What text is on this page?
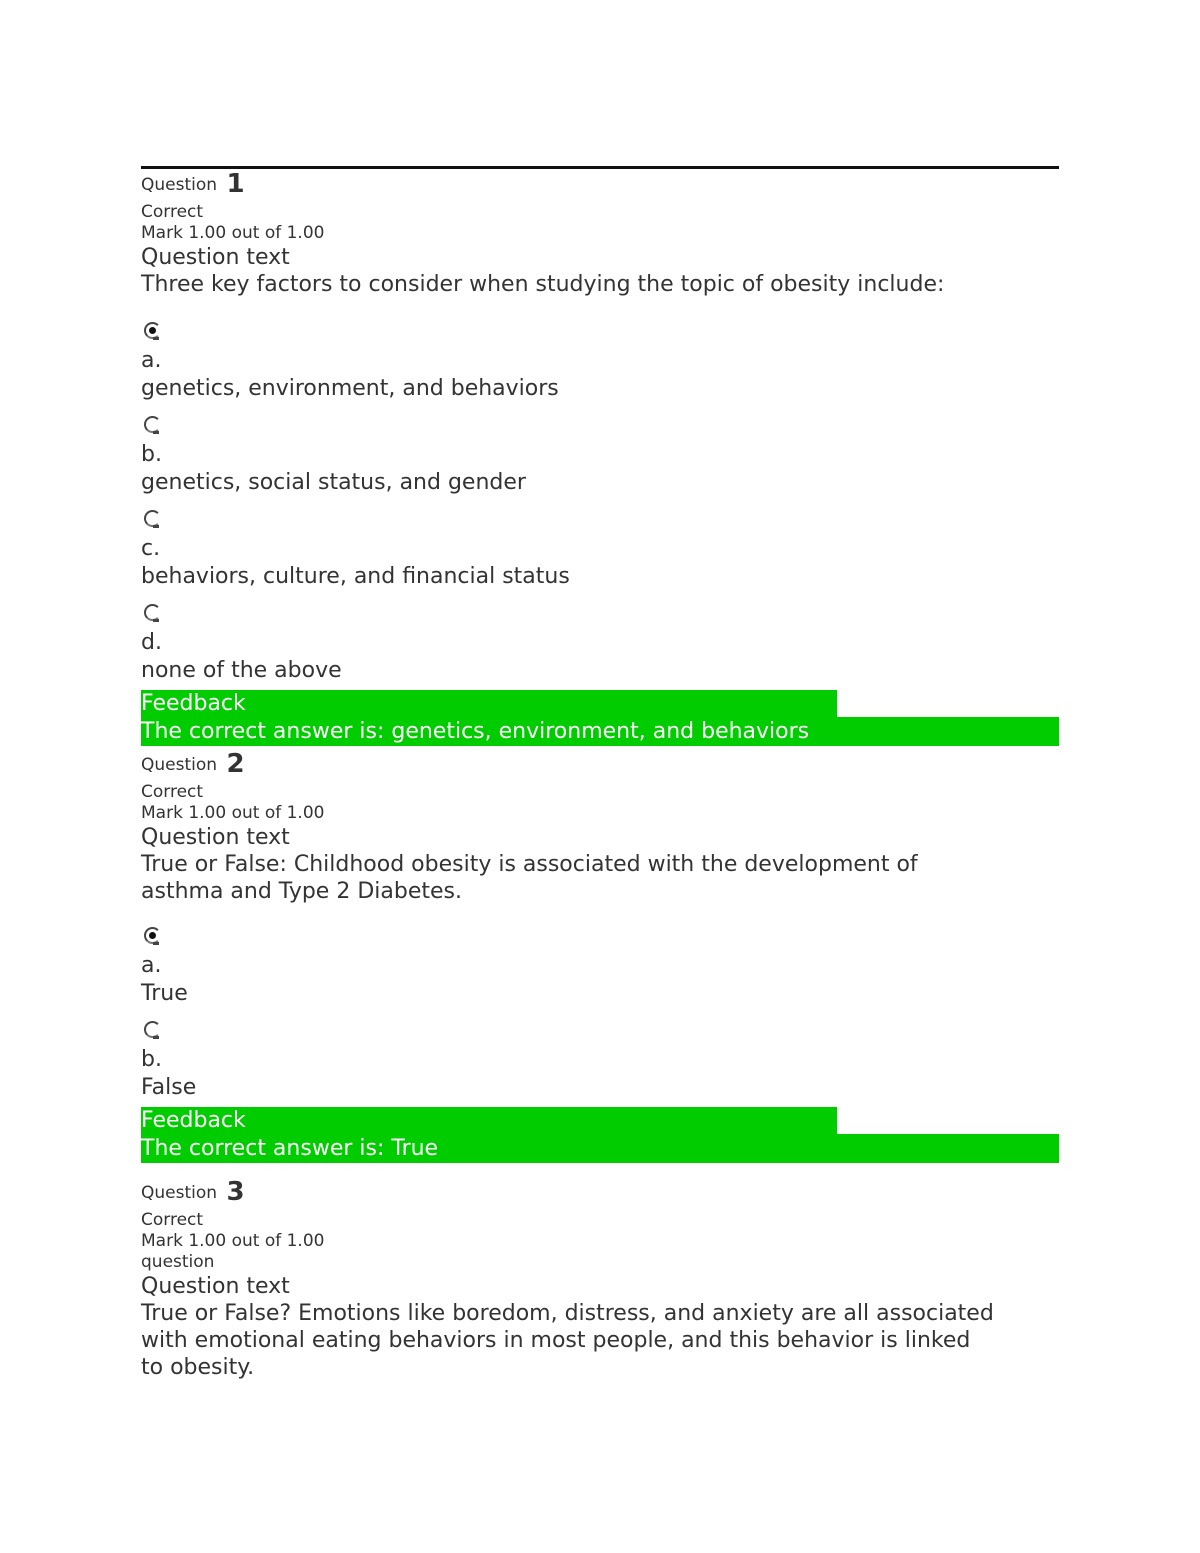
Question 1
Correct
Mark 1.00 out of 1.00
Question text
Three key factors to consider when studying the topic of obesity include:
a.
genetics, environment, and behaviors
b.
genetics, social status, and gender
c.
behaviors, culture, and financial status
d.
none of the above
Feedback
The correct answer is: genetics, environment, and behaviors
Question 2
Correct
Mark 1.00 out of 1.00
Question text
True or False: Childhood obesity is associated with the development of
asthma and Type 2 Diabetes.
a.
True
b.
False
Feedback
The correct answer is: True
Question 3
Correct
Mark 1.00 out of 1.00
question
Question text
True or False? Emotions like boredom, distress, and anxiety are all associated
with emotional eating behaviors in most people, and this behavior is linked
to obesity.
